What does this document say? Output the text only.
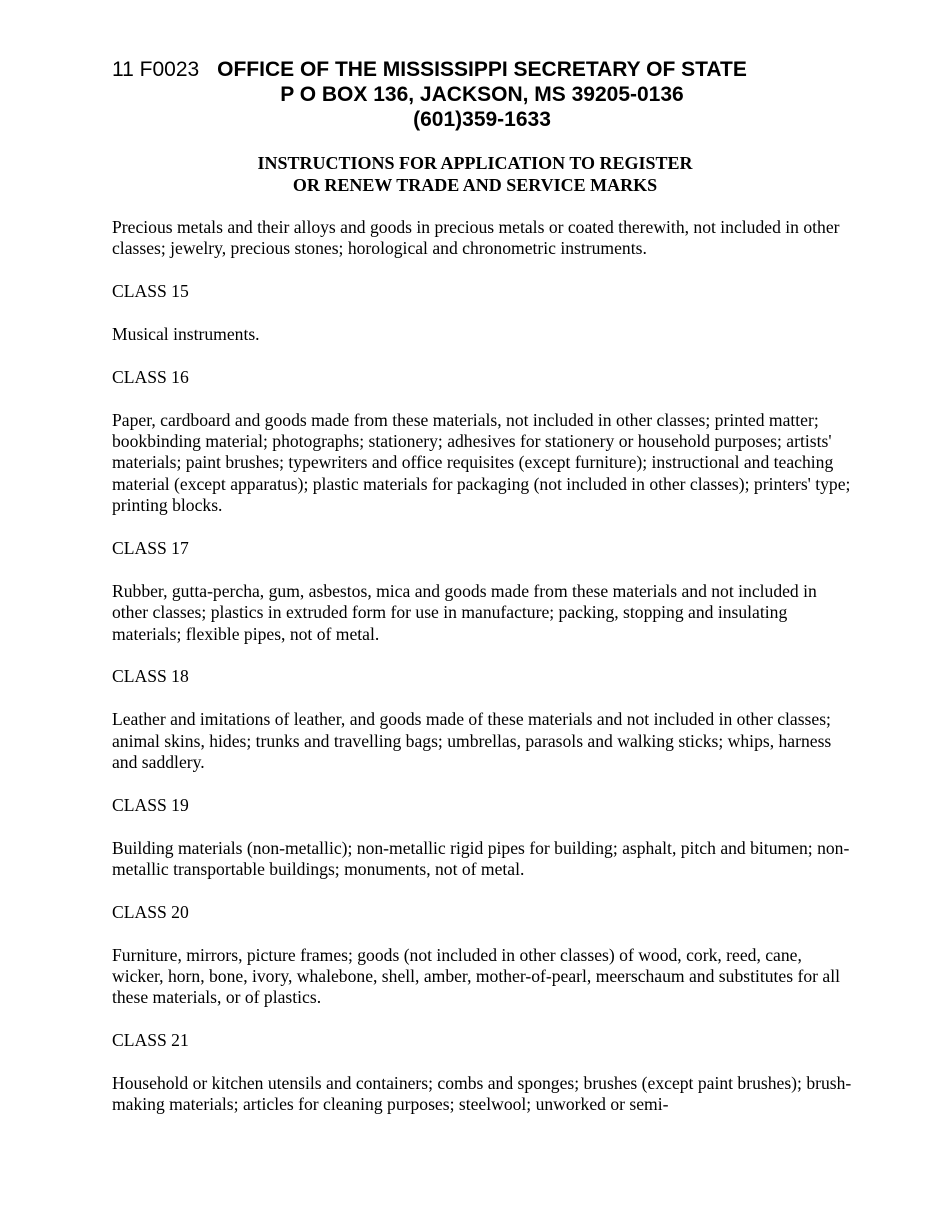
11 F0023 OFFICE OF THE MISSISSIPPI SECRETARY OF STATE
P O BOX 136, JACKSON, MS 39205-0136
(601)359-1633
INSTRUCTIONS FOR APPLICATION TO REGISTER
OR RENEW TRADE AND SERVICE MARKS

Precious metals and their alloys and goods in precious metals or coated therewith, not included in other classes; jewelry, precious stones; horological and chronometric instruments.

CLASS 15

Musical instruments.

CLASS 16

Paper, cardboard and goods made from these materials, not included in other classes; printed matter; bookbinding material; photographs; stationery; adhesives for stationery or household purposes; artists' materials; paint brushes; typewriters and office requisites (except furniture); instructional and teaching material (except apparatus); plastic materials for packaging (not included in other classes); printers' type; printing blocks.

CLASS 17

Rubber, gutta-percha, gum, asbestos, mica and goods made from these materials and not included in other classes; plastics in extruded form for use in manufacture; packing, stopping and insulating materials; flexible pipes, not of metal.

CLASS 18

Leather and imitations of leather, and goods made of these materials and not included in other classes; animal skins, hides; trunks and travelling bags; umbrellas, parasols and walking sticks; whips, harness and saddlery.

CLASS 19

Building materials (non-metallic); non-metallic rigid pipes for building; asphalt, pitch and bitumen; non-metallic transportable buildings; monuments, not of metal.

CLASS 20

Furniture, mirrors, picture frames; goods (not included in other classes) of wood, cork, reed, cane, wicker, horn, bone, ivory, whalebone, shell, amber, mother-of-pearl, meerschaum and substitutes for all these materials, or of plastics.

CLASS 21

Household or kitchen utensils and containers; combs and sponges; brushes (except paint brushes); brush-making materials; articles for cleaning purposes; steelwool; unworked or semi-
